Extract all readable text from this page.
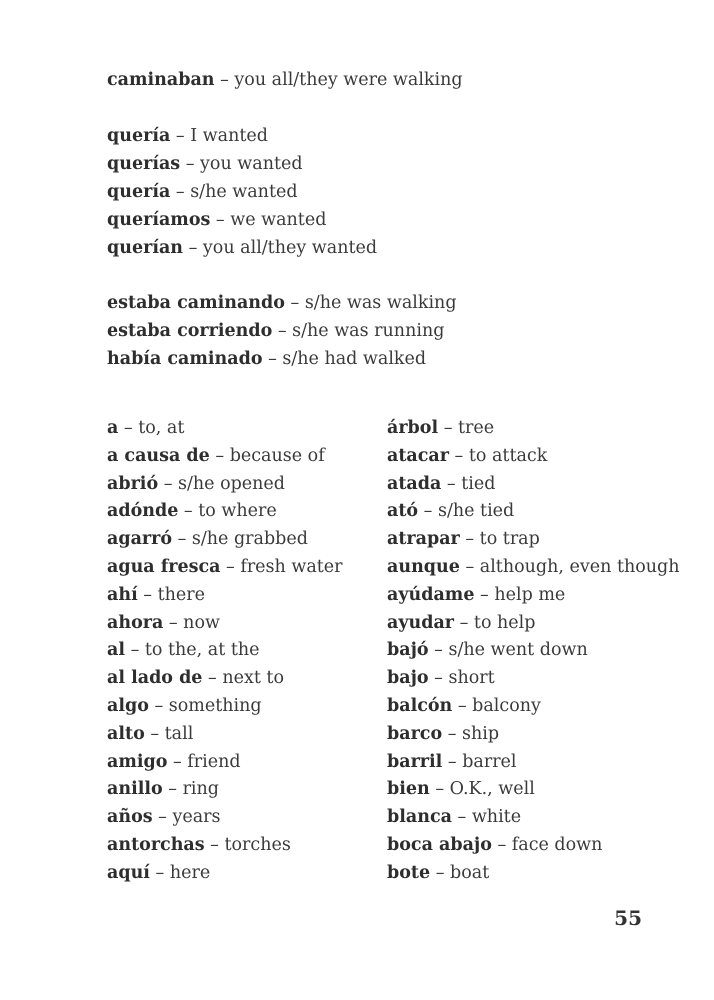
caminaban – you all/they were walking
quería – I wanted
querías – you wanted
quería – s/he wanted
queríamos – we wanted
querían – you all/they wanted
estaba caminando – s/he was walking
estaba corriendo – s/he was running
había caminado – s/he had walked
a – to, at
a causa de – because of
abrió – s/he opened
adónde – to where
agarró – s/he grabbed
agua fresca – fresh water
ahí – there
ahora – now
al – to the, at the
al lado de – next to
algo – something
alto – tall
amigo – friend
anillo – ring
años – years
antorchas – torches
aquí – here
árbol – tree
atacar – to attack
atada – tied
ató – s/he tied
atrapar – to trap
aunque – although, even though
ayúdame – help me
ayudar – to help
bajó – s/he went down
bajo – short
balcón – balcony
barco – ship
barril – barrel
bien – O.K., well
blanca – white
boca abajo – face down
bote – boat
55
